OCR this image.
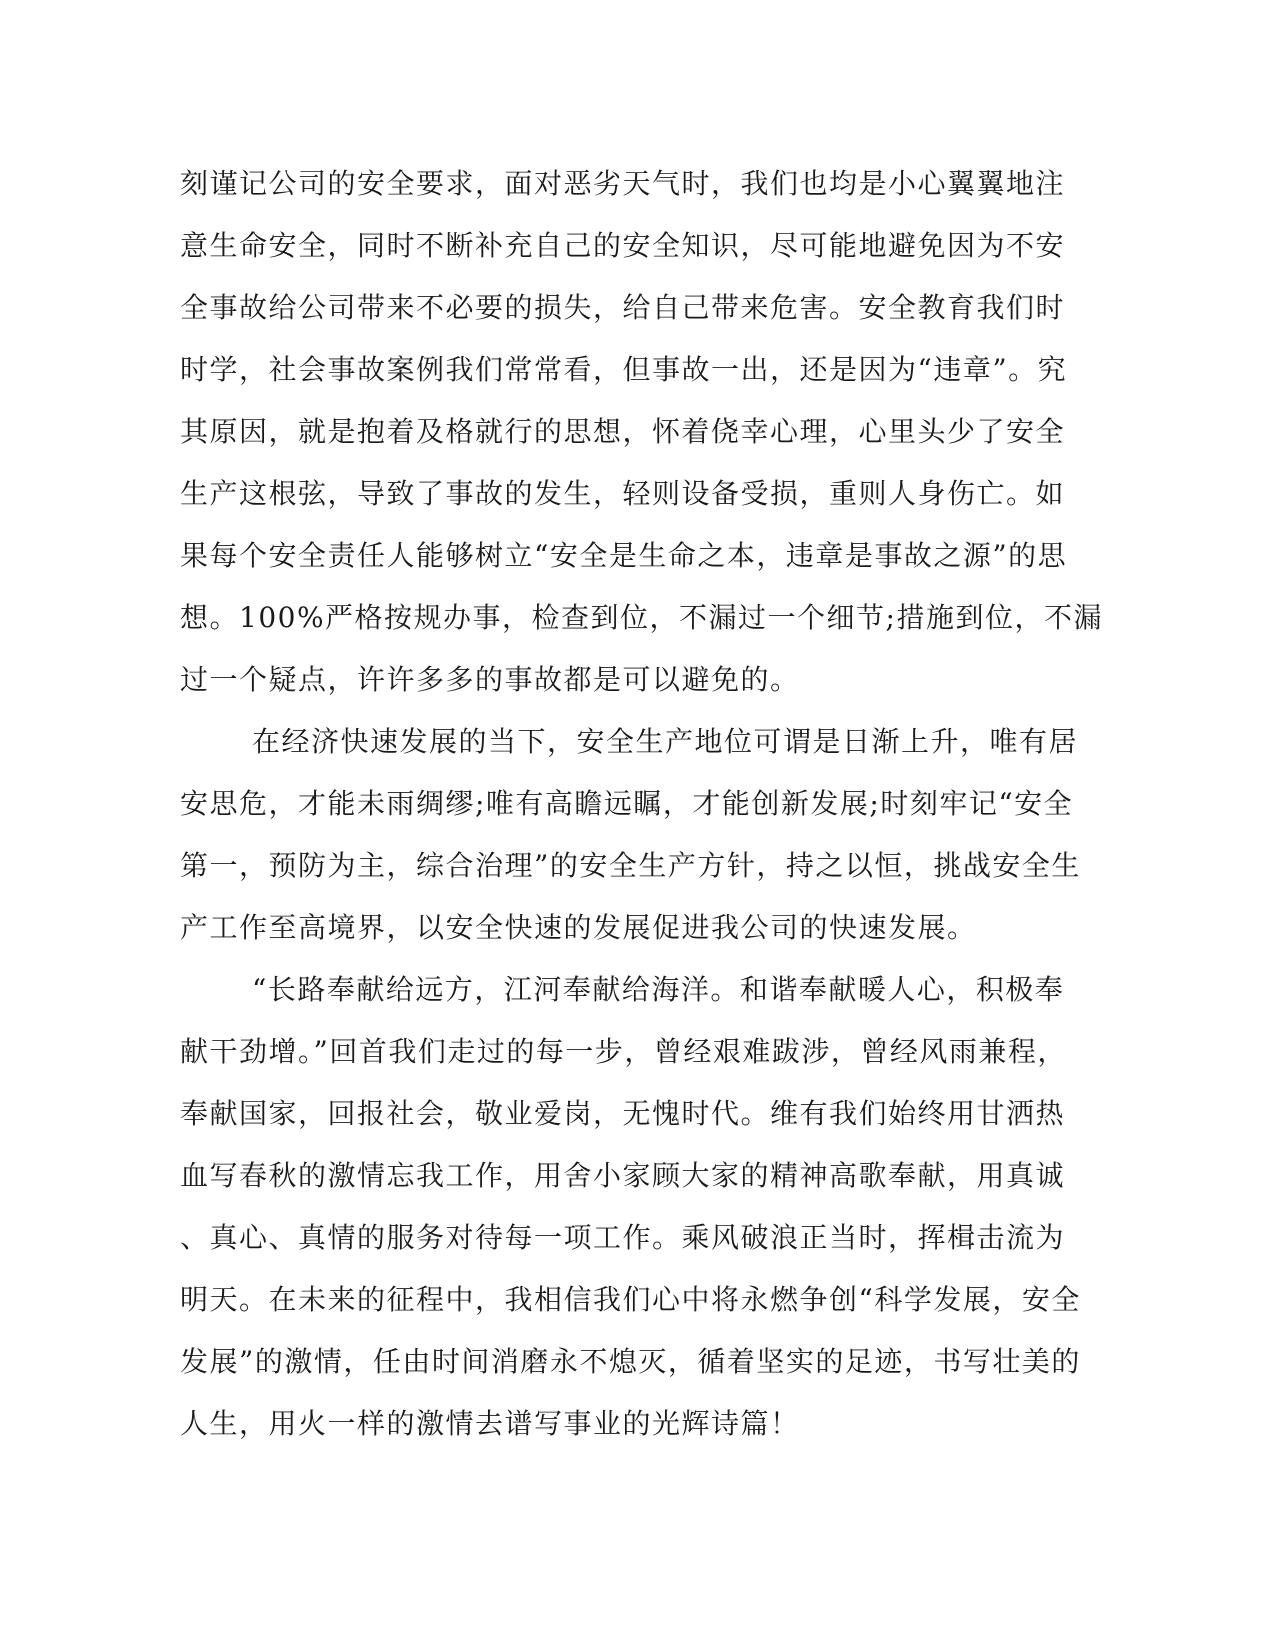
刻谨记公司的安全要求，面对恶劣天气时，我们也均是小心翼翼地注

意生命安全，同时不断补充自己的安全知识，尽可能地避免因为不安

全事故给公司带来不必要的损失，给自己带来危害。安全教育我们时

时学，社会事故案例我们常常看，但事故一出，还是因为“违章”。究

其原因，就是抱着及格就行的思想，怀着侥幸心理，心里头少了安全

生产这根弦，导致了事故的发生，轻则设备受损，重则人身伤亡。如

果每个安全责任人能够树立“安全是生命之本，违章是事故之源”的思

想。100%严格按规办事，检查到位，不漏过一个细节;措施到位，不漏

过一个疑点，许许多多的事故都是可以避免的。

在经济快速发展的当下，安全生产地位可谓是日渐上升，唯有居

安思危，才能未雨绸缪;唯有高瞻远瞩，才能创新发展;时刻牢记“安全

第一，预防为主，综合治理”的安全生产方针，持之以恒，挑战安全生

产工作至高境界，以安全快速的发展促进我公司的快速发展。

“长路奉献给远方，江河奉献给海洋。和谐奉献暖人心，积极奉

献干劲增。”回首我们走过的每一步，曾经艰难跋涉，曾经风雨兼程，

奉献国家，回报社会，敬业爱岗，无愧时代。维有我们始终用甘洒热

血写春秋的激情忘我工作，用舍小家顾大家的精神高歌奉献，用真诚

、真心、真情的服务对待每一项工作。乘风破浪正当时，挥楫击流为

明天。在未来的征程中，我相信我们心中将永燃争创“科学发展，安全

发展”的激情，任由时间消磨永不熄灭，循着坚实的足迹，书写壮美的

人生，用火一样的激情去谱写事业的光辉诗篇！
